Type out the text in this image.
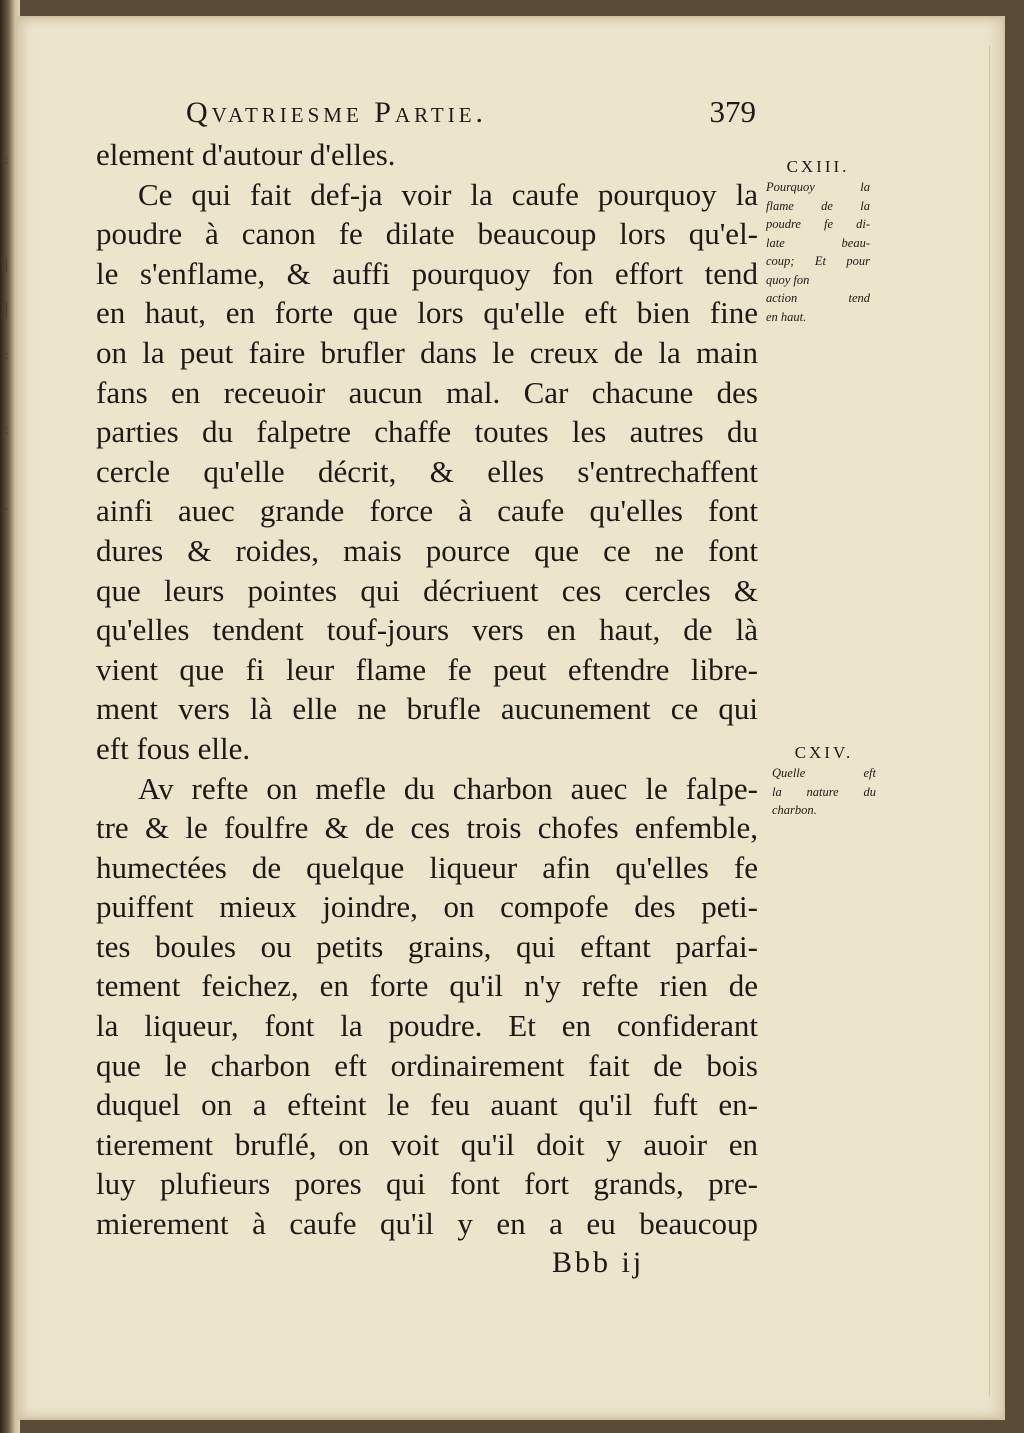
:
|
|
:
:
·
Qvatriesme Partie.	379
element d'autour d'elles.
Ce qui fait def-ja voir la caufe pourquoy la
poudre à canon fe dilate beaucoup lors qu'el-
le s'enflame, & auffi pourquoy fon effort tend
en haut, en forte que lors qu'elle eft bien fine
on la peut faire brufler dans le creux de la main
fans en receuoir aucun mal. Car chacune des
parties du falpetre chaffe toutes les autres du
cercle qu'elle décrit, & elles s'entrechaffent
ainfi auec grande force à caufe qu'elles font
dures & roides, mais pource que ce ne font
que leurs pointes qui décriuent ces cercles &
qu'elles tendent touf-jours vers en haut, de là
vient que fi leur flame fe peut eftendre libre-
ment vers là elle ne brufle aucunement ce qui
eft fous elle.
Av refte on mefle du charbon auec le falpe-
tre & le foulfre & de ces trois chofes enfemble,
humectées de quelque liqueur afin qu'elles fe
puiffent mieux joindre, on compofe des peti-
tes boules ou petits grains, qui eftant parfai-
tement feichez, en forte qu'il n'y refte rien de
la liqueur, font la poudre. Et en confiderant
que le charbon eft ordinairement fait de bois
duquel on a efteint le feu auant qu'il fuft en-
tierement bruflé, on voit qu'il doit y auoir en
luy plufieurs pores qui font fort grands, pre-
mierement à caufe qu'il y en a eu beaucoup
CXIII.
Pourquoy la
flame de la
poudre fe di-
late beau-
coup; Et pour
quoy fon
action tend
en haut.
CXIV.
Quelle eft
la nature du
charbon.
Bbb ij
